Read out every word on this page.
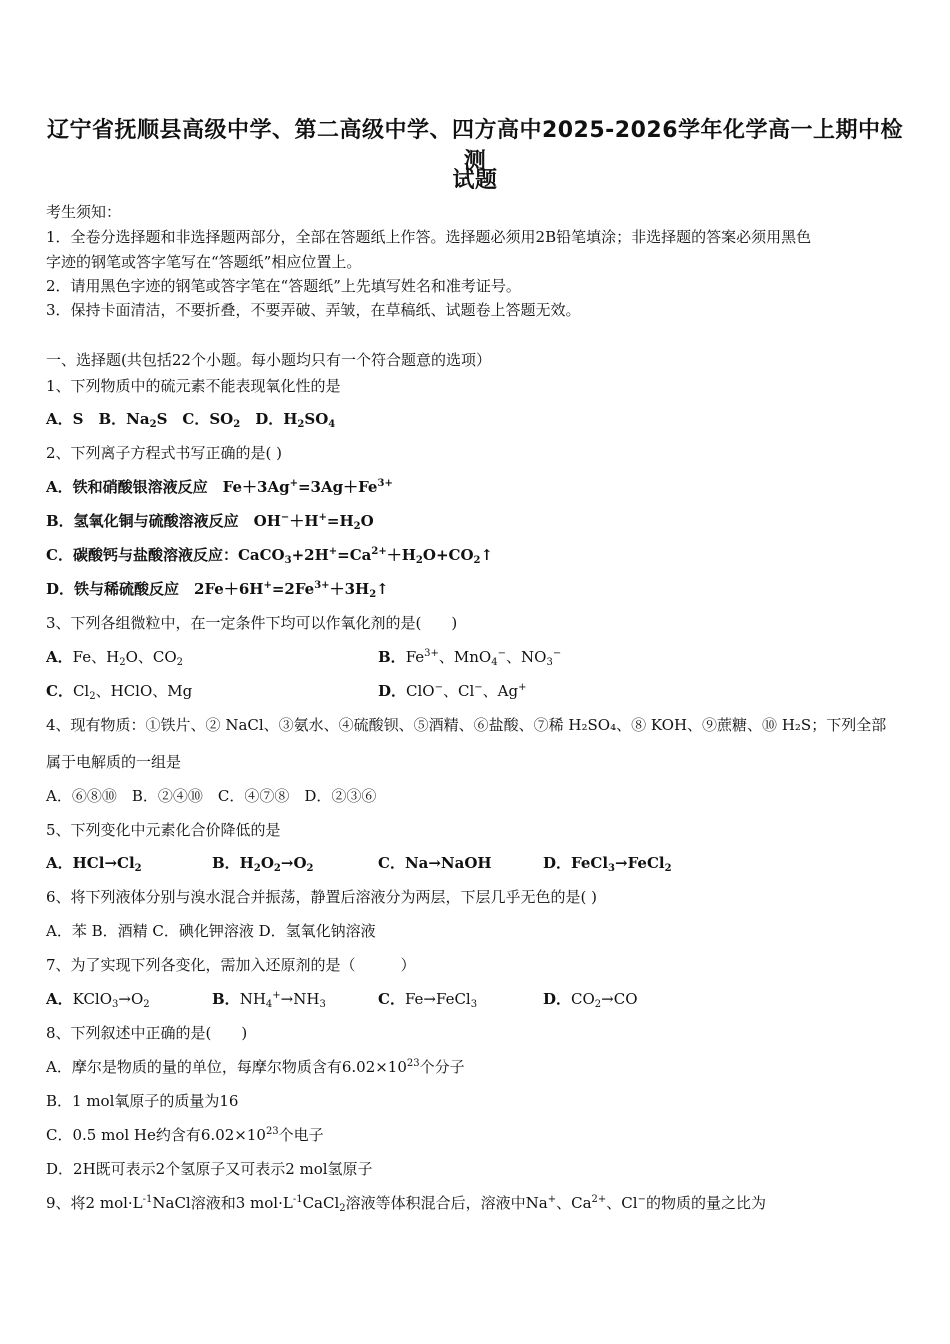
辽宁省抚顺县高级中学、第二高级中学、四方高中2025-2026学年化学高一上期中检测
试题
考生须知：
1．全卷分选择题和非选择题两部分，全部在答题纸上作答。选择题必须用2B铅笔填涂；非选择题的答案必须用黑色
字迹的钢笔或答字笔写在“答题纸”相应位置上。
2．请用黑色字迹的钢笔或答字笔在“答题纸”上先填写姓名和准考证号。
3．保持卡面清洁，不要折叠，不要弄破、弄皱，在草稿纸、试题卷上答题无效。
一、选择题(共包括22个小题。每小题均只有一个符合题意的选项）
1、下列物质中的硫元素不能表现氧化性的是
A．S　B．$Na_2S$　C．$SO_2$　D．$H_2SO_4$
2、下列离子方程式书写正确的是( )
A．铁和硝酸银溶液反应　$Fe+3Ag^+=3Ag+Fe^{3+}$
B．氢氧化铜与硫酸溶液反应　$OH^-+H^+=H_2O$
C．碳酸钙与盐酸溶液反应：$CaCO_3+2H^+=Ca^{2+}+H_2O+CO_2↑$
D．铁与稀硫酸反应　$2Fe+6H^+=2Fe^{3+}+3H_2↑$
3、下列各组微粒中，在一定条件下均可以作氧化剂的是(　　)
A．Fe、$H_2O$、$CO_2$	B．$Fe^{3+}$、MnO$_4$−、$NO_3^-$
C．$Cl_2$、HClO、Mg	D．ClO−、Cl−、Ag+
4、现有物质：①铁片、② NaCl、③氨水、④硫酸钡、⑤酒精、⑥盐酸、⑦稀 H₂SO₄、⑧ KOH、⑨蔗糖、⑩ H₂S；下列全部
属于电解质的一组是
A．⑥⑧⑩　B．②④⑩　C．④⑦⑧　D．②③⑥
5、下列变化中元素化合价降低的是
A．$HCl\to Cl_2$	B．$H_2O_2\to O_2$	C．Na→NaOH	D．FeCl$_3$→FeCl$_2$
6、将下列液体分别与溴水混合并振荡，静置后溶液分为两层，下层几乎无色的是( )
A．苯 B．酒精 C．碘化钾溶液 D．氢氧化钠溶液
7、为了实现下列各变化，需加入还原剂的是（　　　）
A．$KClO_3\to O_2$	B．$NH_4^+\to NH_3$	C．Fe→FeCl$_3$	D．$CO_2\to CO$
8、下列叙述中正确的是(　　)
A．摩尔是物质的量的单位，每摩尔物质含有$6.02\times 10^{23}$个分子
B．1 mol氧原子的质量为16
C．0.5 mol He约含有$6.02\times 10^{23}$个电子
D．2H既可表示2个氢原子又可表示2 mol氢原子
9、将2 $mol\cdot L^{-1}NaCl$溶液和3 $mol\cdot L^{-1}CaCl_2$溶液等体积混合后，溶液中Na+、$Ca^{2+}$、Cl−的物质的量之比为
